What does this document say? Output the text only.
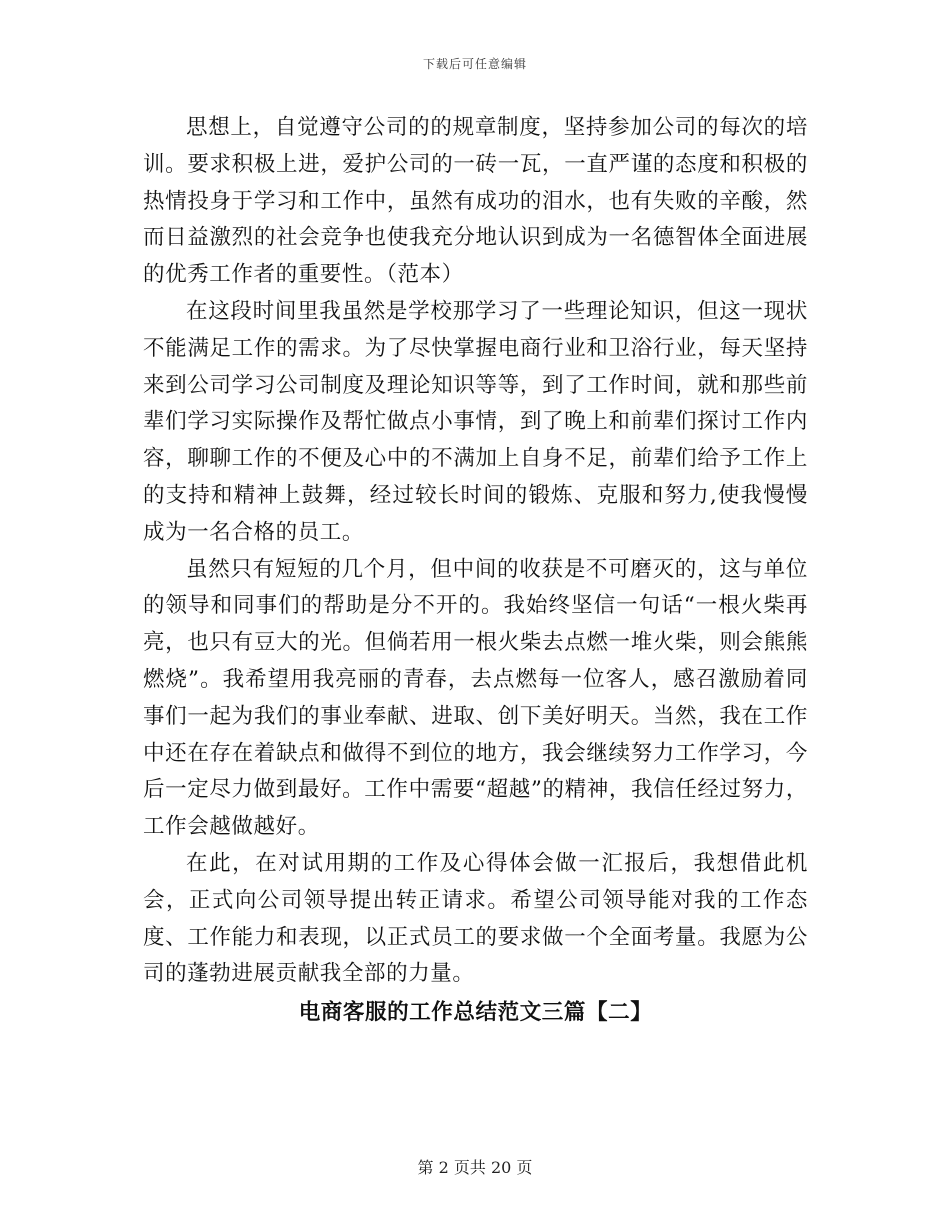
下载后可任意编辑

思想上，自觉遵守公司的的规章制度，坚持参加公司的每次的培训。要求积极上进，爱护公司的一砖一瓦，一直严谨的态度和积极的热情投身于学习和工作中，虽然有成功的泪水，也有失败的辛酸，然而日益激烈的社会竞争也使我充分地认识到成为一名德智体全面进展的优秀工作者的重要性。（范本）

在这段时间里我虽然是学校那学习了一些理论知识，但这一现状不能满足工作的需求。为了尽快掌握电商行业和卫浴行业，每天坚持来到公司学习公司制度及理论知识等等，到了工作时间，就和那些前辈们学习实际操作及帮忙做点小事情，到了晚上和前辈们探讨工作内容，聊聊工作的不便及心中的不满加上自身不足，前辈们给予工作上的支持和精神上鼓舞，经过较长时间的锻炼、克服和努力,使我慢慢成为一名合格的员工。

虽然只有短短的几个月，但中间的收获是不可磨灭的，这与单位的领导和同事们的帮助是分不开的。我始终坚信一句话“一根火柴再亮，也只有豆大的光。但倘若用一根火柴去点燃一堆火柴，则会熊熊燃烧”。我希望用我亮丽的青春，去点燃每一位客人，感召激励着同事们一起为我们的事业奉献、进取、创下美好明天。当然，我在工作中还在存在着缺点和做得不到位的地方，我会继续努力工作学习，今后一定尽力做到最好。工作中需要“超越”的精神，我信任经过努力，工作会越做越好。

在此，在对试用期的工作及心得体会做一汇报后，我想借此机会，正式向公司领导提出转正请求。希望公司领导能对我的工作态度、工作能力和表现，以正式员工的要求做一个全面考量。我愿为公司的蓬勃进展贡献我全部的力量。

电商客服的工作总结范文三篇【二】
第 2 页共 20 页
